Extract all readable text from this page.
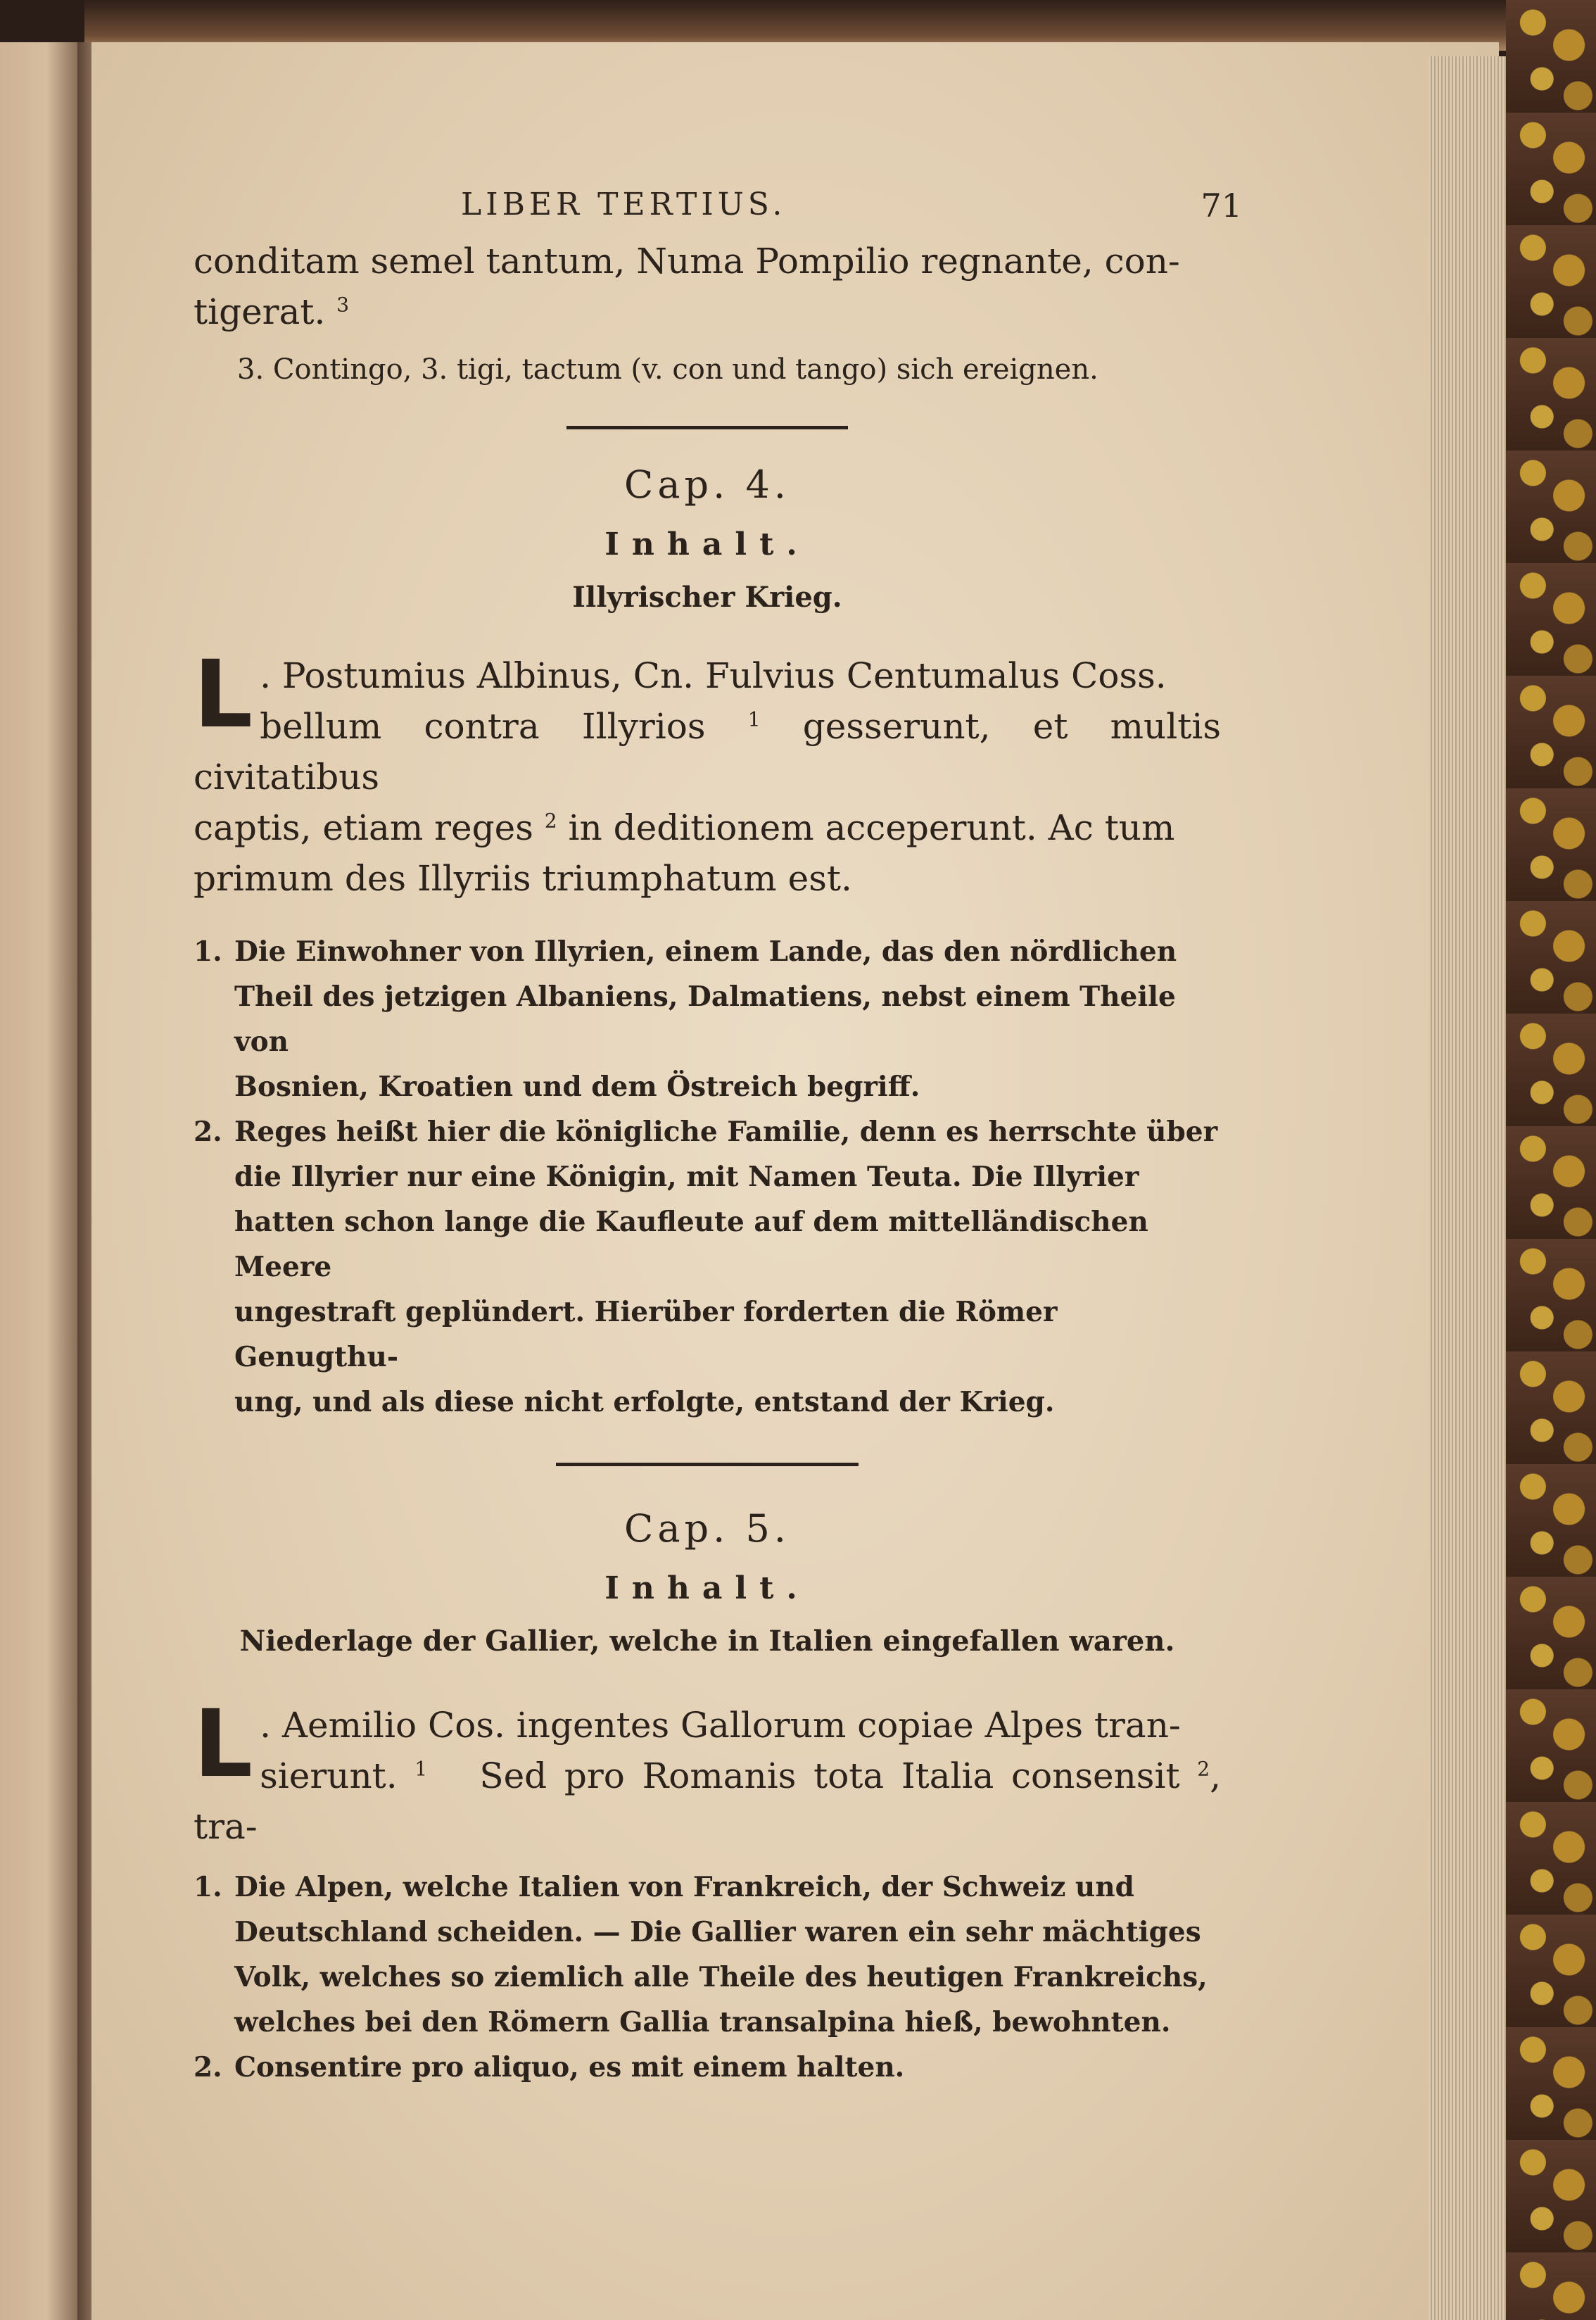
LIBER TERTIUS.	71

conditam semel tantum, Numa Pompilio regnante, con-
tigerat. $^3$

3. Contingo, 3. tigi, tactum (v. con und tango) sich ereignen.

Cap. 4.

Inhalt.

Illyrischer Krieg.

L . Postumius Albinus, Cn. Fulvius Centumalus Coss.
bellum contra Illyrios $^1$ gesserunt, et multis civitatibus
captis, etiam reges $^2$ in deditionem acceperunt. Ac tum
primum des Illyriis triumphatum est.
1. Die Einwohner von Illyrien, einem Lande, das den nördlichen
Theil des jetzigen Albaniens, Dalmatiens, nebst einem Theile von
Bosnien, Kroatien und dem Östreich begriff.
2. Reges heißt hier die königliche Familie, denn es herrschte über
die Illyrier nur eine Königin, mit Namen Teuta. Die Illyrier
hatten schon lange die Kaufleute auf dem mittelländischen Meere
ungestraft geplündert. Hierüber forderten die Römer Genugthu-
ung, und als diese nicht erfolgte, entstand der Krieg.

Cap. 5.

Inhalt.

Niederlage der Gallier, welche in Italien eingefallen waren.

L . Aemilio Cos. ingentes Gallorum copiae Alpes tran-
sierunt. $^1$ Sed pro Romanis tota Italia consensit $^2$, tra-
1. Die Alpen, welche Italien von Frankreich, der Schweiz und
Deutschland scheiden. — Die Gallier waren ein sehr mächtiges
Volk, welches so ziemlich alle Theile des heutigen Frankreichs,
welches bei den Römern Gallia transalpina hieß, bewohnten.
2. Consentire pro aliquo, es mit einem halten.
